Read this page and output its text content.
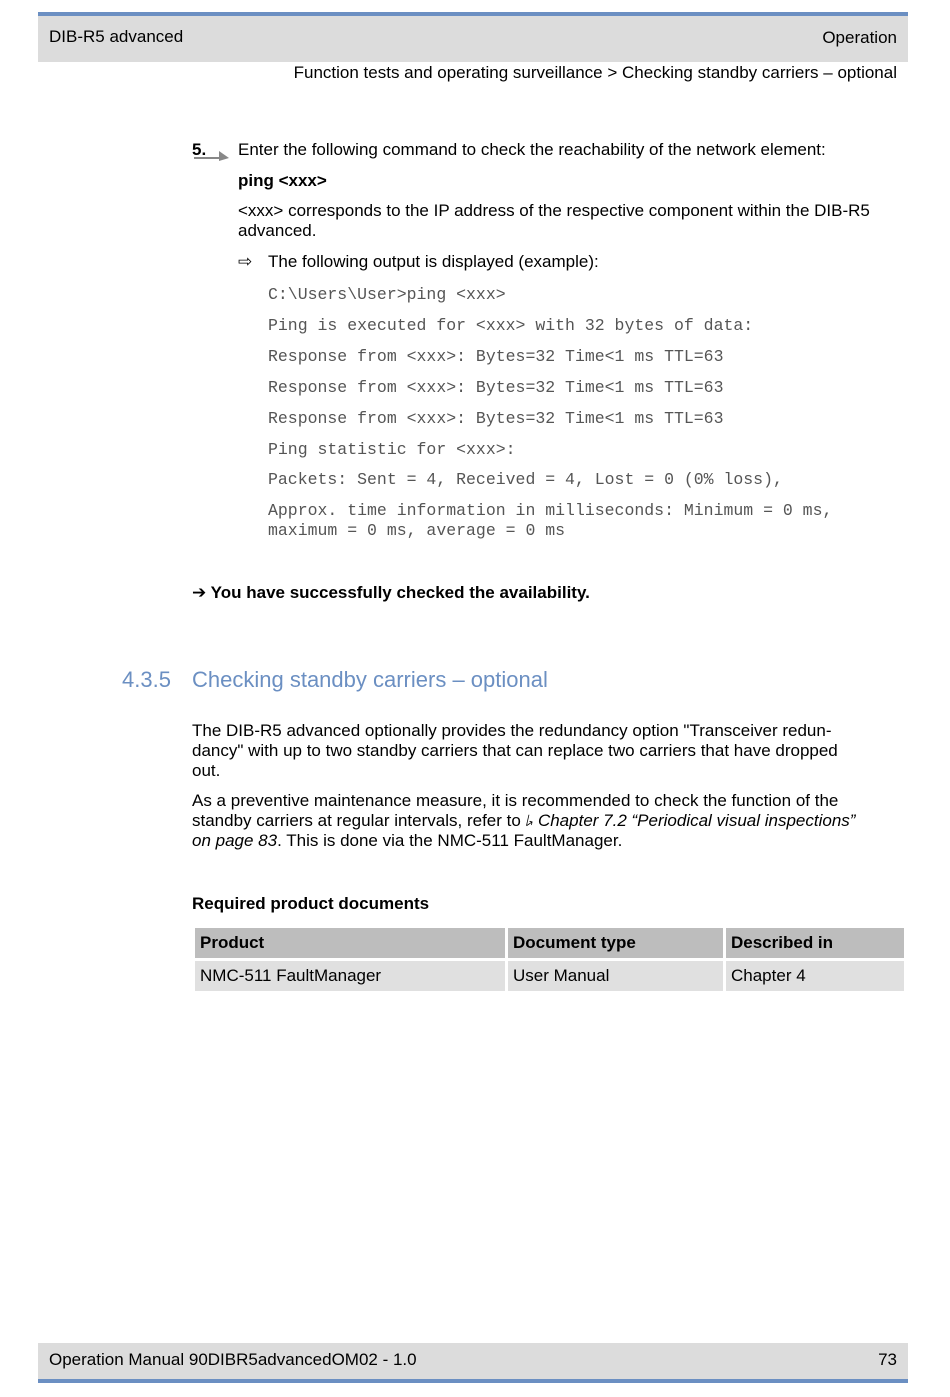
DIB-R5 advanced	Operation
Function tests and operating surveillance > Checking standby carriers – optional
5. Enter the following command to check the reachability of the network element:
ping <xxx>
<xxx> corresponds to the IP address of the respective component within the DIB-R5 advanced.
⇨ The following output is displayed (example):
C:\Users\User>ping <xxx>
Ping is executed for <xxx> with 32 bytes of data:
Response from <xxx>: Bytes=32 Time<1 ms TTL=63
Response from <xxx>: Bytes=32 Time<1 ms TTL=63
Response from <xxx>: Bytes=32 Time<1 ms TTL=63
Ping statistic for <xxx>:
Packets: Sent = 4, Received = 4, Lost = 0 (0% loss),
Approx. time information in milliseconds: Minimum = 0 ms,
maximum = 0 ms, average = 0 ms
➔ You have successfully checked the availability.
4.3.5 Checking standby carriers – optional
The DIB-R5 advanced optionally provides the redundancy option "Transceiver redun-
dancy" with up to two standby carriers that can replace two carriers that have dropped
out.
As a preventive maintenance measure, it is recommended to check the function of the
standby carriers at regular intervals, refer to ⭞ Chapter 7.2 “Periodical visual inspections”
on page 83. This is done via the NMC-511 FaultManager.
Required product documents
Product	Document type	Described in
NMC-511 FaultManager	User Manual	Chapter 4
Operation Manual 90DIBR5advancedOM02 - 1.0	73
